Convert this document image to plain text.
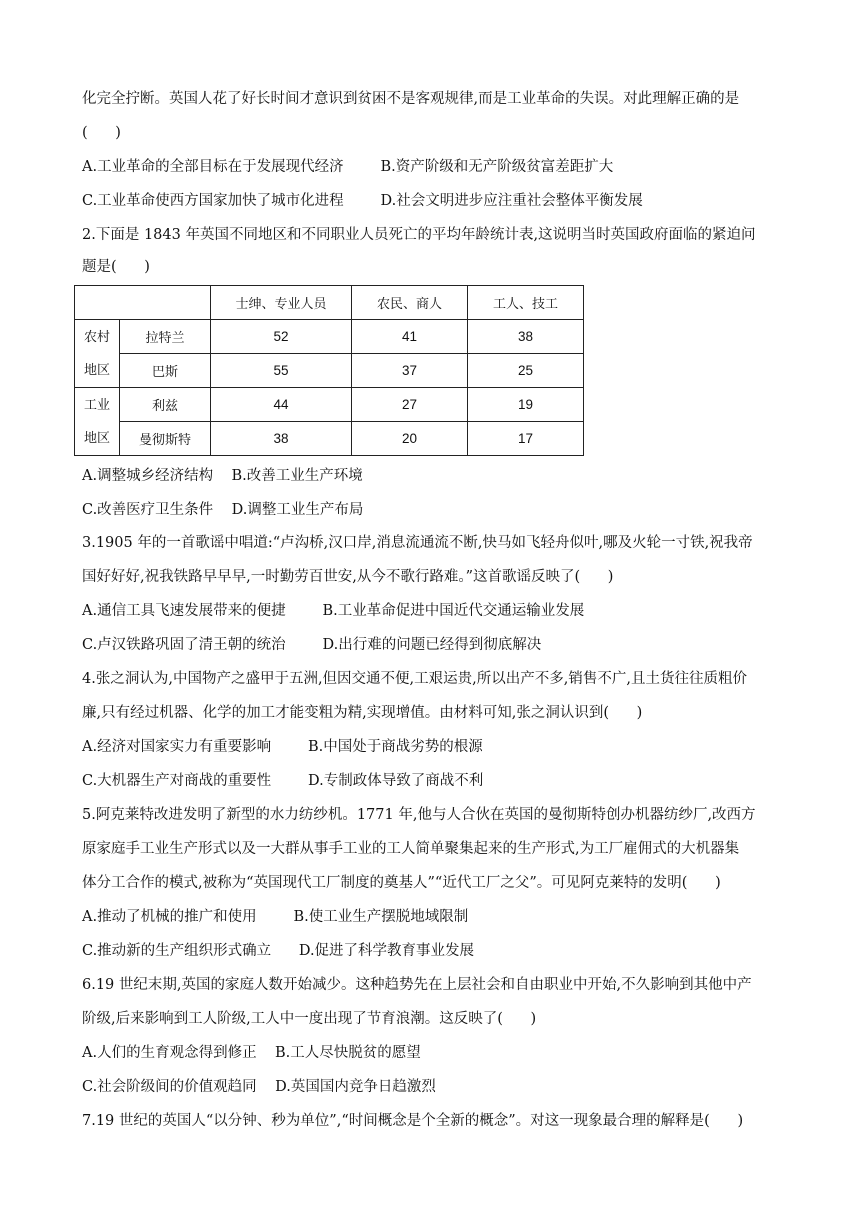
化完全拧断。英国人花了好长时间才意识到贫困不是客观规律,而是工业革命的失误。对此理解正确的是
(      )
A.工业革命的全部目标在于发展现代经济        B.资产阶级和无产阶级贫富差距扩大
C.工业革命使西方国家加快了城市化进程        D.社会文明进步应注重社会整体平衡发展
2.下面是 1843 年英国不同地区和不同职业人员死亡的平均年龄统计表,这说明当时英国政府面临的紧迫问
题是(      )
		士绅、专业人员	农民、商人	工人、技工

农村
地区	拉特兰	52	41	38
	巴斯	55	37	25

工业
地区	利兹	44	27	19
	曼彻斯特	38	20	17
A.调整城乡经济结构    B.改善工业生产环境
C.改善医疗卫生条件    D.调整工业生产布局
3.1905 年的一首歌谣中唱道:“卢沟桥,汉口岸,消息流通流不断,快马如飞轻舟似叶,哪及火轮一寸铁,祝我帝
国好好好,祝我铁路早早早,一时勤劳百世安,从今不歌行路难。”这首歌谣反映了(      )
A.通信工具飞速发展带来的便捷        B.工业革命促进中国近代交通运输业发展
C.卢汉铁路巩固了清王朝的统治        D.出行难的问题已经得到彻底解决
4.张之洞认为,中国物产之盛甲于五洲,但因交通不便,工艰运贵,所以出产不多,销售不广,且土货往往质粗价
廉,只有经过机器、化学的加工才能变粗为精,实现增值。由材料可知,张之洞认识到(      )
A.经济对国家实力有重要影响        B.中国处于商战劣势的根源
C.大机器生产对商战的重要性        D.专制政体导致了商战不利
5.阿克莱特改进发明了新型的水力纺纱机。1771 年,他与人合伙在英国的曼彻斯特创办机器纺纱厂,改西方
原家庭手工业生产形式以及一大群从事手工业的工人简单聚集起来的生产形式,为工厂雇佣式的大机器集
体分工合作的模式,被称为“英国现代工厂制度的奠基人”“近代工厂之父”。可见阿克莱特的发明(      )
A.推动了机械的推广和使用        B.使工业生产摆脱地域限制
C.推动新的生产组织形式确立      D.促进了科学教育事业发展
6.19 世纪末期,英国的家庭人数开始减少。这种趋势先在上层社会和自由职业中开始,不久影响到其他中产
阶级,后来影响到工人阶级,工人中一度出现了节育浪潮。这反映了(      )
A.人们的生育观念得到修正    B.工人尽快脱贫的愿望
C.社会阶级间的价值观趋同    D.英国国内竞争日趋激烈
7.19 世纪的英国人“以分钟、秒为单位”,“时间概念是个全新的概念”。对这一现象最合理的解释是(      )
